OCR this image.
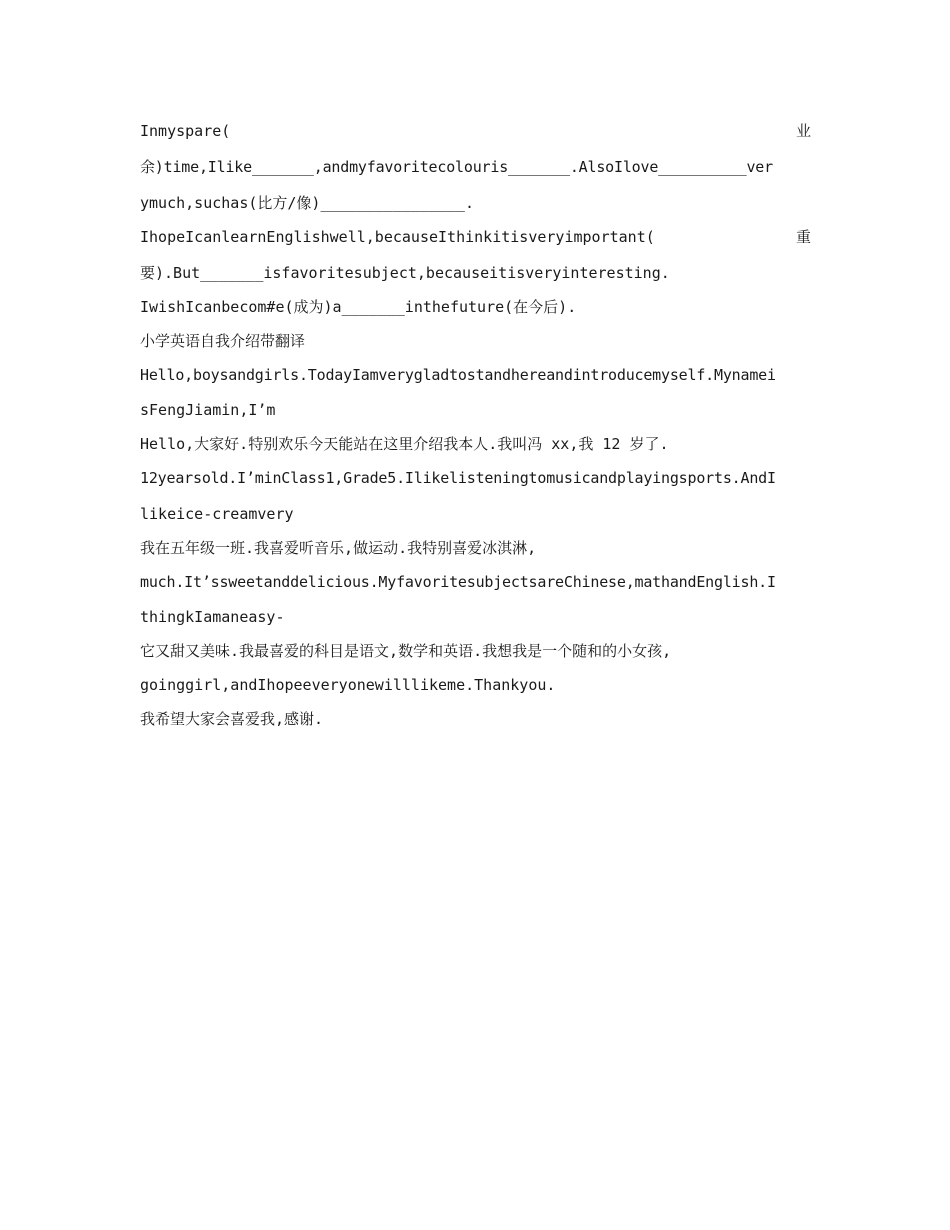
Inmyspare(

	业

余)time,Ilike_______,andmyfavoritecolouris_______.AlsoIlove__________ver
ymuch,suchas(比方/像)________________.

IhopeIcanlearnEnglishwell,becauseIthinkitisveryimportant(

	重

要).But_______isfavoritesubject,becauseitisveryinteresting.
IwishIcanbecom#e(成为)a_______inthefuture(在今后).
小学英语自我介绍带翻译
Hello,boysandgirls.TodayIamverygladtostandhereandintroducemyself.Mynamei
sFengJiamin,I’m
Hello,大家好.特别欢乐今天能站在这里介绍我本人.我叫冯 xx,我 12 岁了.
12yearsold.I’minClass1,Grade5.Ilikelisteningtomusicandplayingsports.AndI
likeice-creamvery
我在五年级一班.我喜爱听音乐,做运动.我特别喜爱冰淇淋,
much.It’ssweetanddelicious.MyfavoritesubjectsareChinese,mathandEnglish.I
thingkIamaneasy-
它又甜又美味.我最喜爱的科目是语文,数学和英语.我想我是一个随和的小女孩,
goinggirl,andIhopeeveryonewilllikeme.Thankyou.
我希望大家会喜爱我,感谢.
